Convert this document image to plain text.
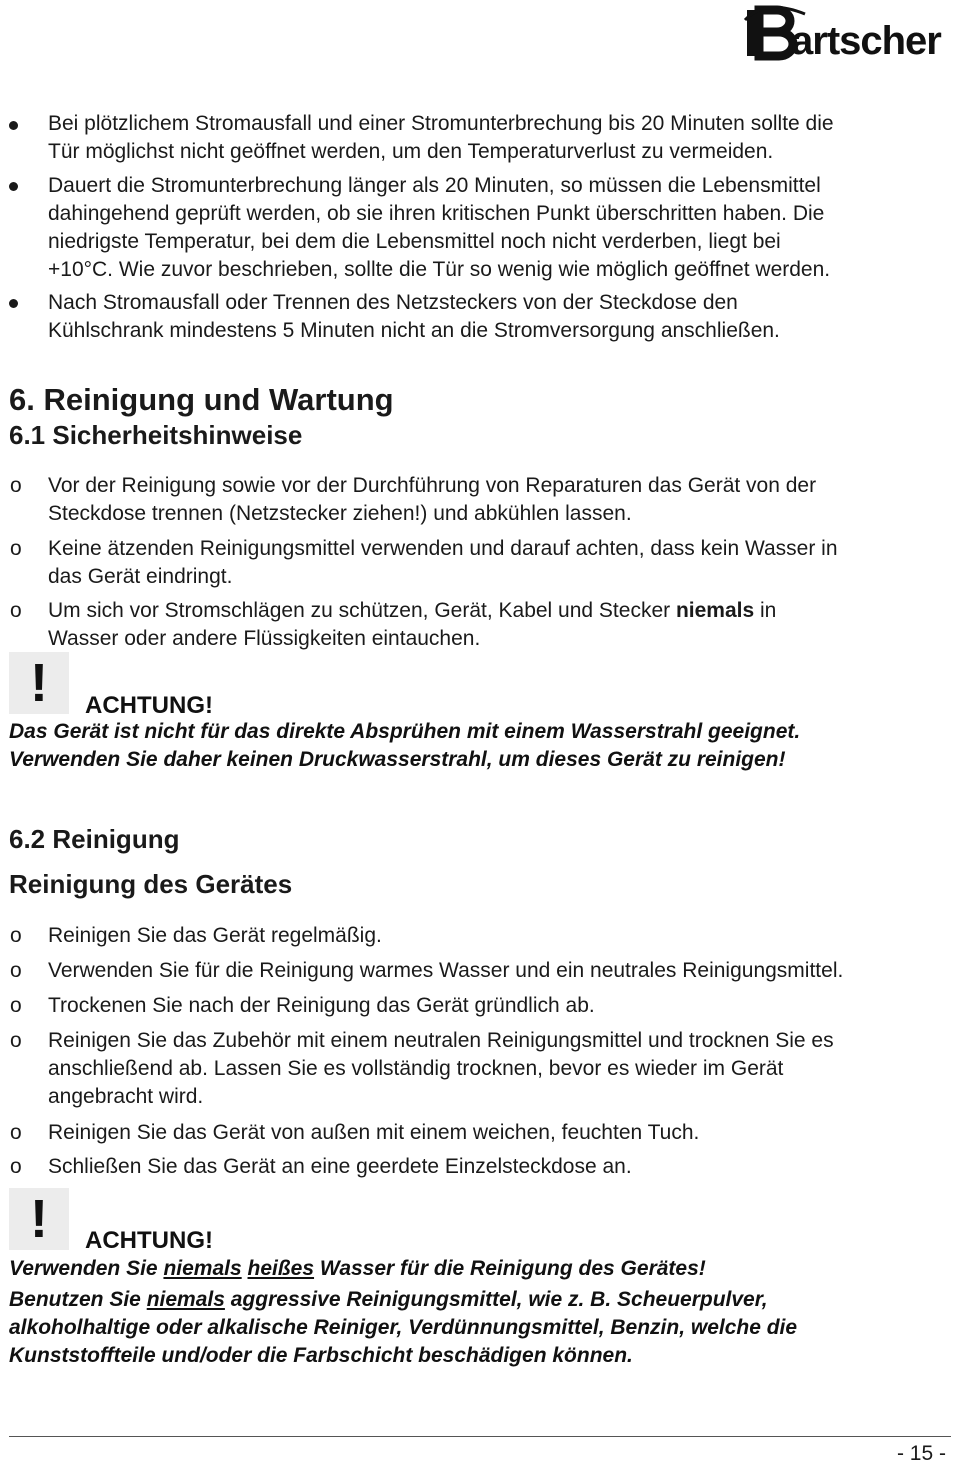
artscher
Bei plötzlichem Stromausfall und einer Stromunterbrechung bis 20 Minuten sollte die
Tür möglichst nicht geöffnet werden, um den Temperaturverlust zu vermeiden.
Dauert die Stromunterbrechung länger als 20 Minuten, so müssen die Lebensmittel
dahingehend geprüft werden, ob sie ihren kritischen Punkt überschritten haben. Die
niedrigste Temperatur, bei dem die Lebensmittel noch nicht verderben, liegt bei
+10°C. Wie zuvor beschrieben, sollte die Tür so wenig wie möglich geöffnet werden.
Nach Stromausfall oder Trennen des Netzsteckers von der Steckdose den
Kühlschrank mindestens 5 Minuten nicht an die Stromversorgung anschließen.
6. Reinigung und Wartung
6.1 Sicherheitshinweise
o Vor der Reinigung sowie vor der Durchführung von Reparaturen das Gerät von der
Steckdose trennen (Netzstecker ziehen!) und abkühlen lassen.
o Keine ätzenden Reinigungsmittel verwenden und darauf achten, dass kein Wasser in
das Gerät eindringt.
o Um sich vor Stromschlägen zu schützen, Gerät, Kabel und Stecker niemals in
Wasser oder andere Flüssigkeiten eintauchen.
!	ACHTUNG!
Das Gerät ist nicht für das direkte Absprühen mit einem Wasserstrahl geeignet.
Verwenden Sie daher keinen Druckwasserstrahl, um dieses Gerät zu reinigen!
6.2 Reinigung
Reinigung des Gerätes
o Reinigen Sie das Gerät regelmäßig.
o Verwenden Sie für die Reinigung warmes Wasser und ein neutrales Reinigungsmittel.
o Trockenen Sie nach der Reinigung das Gerät gründlich ab.
o Reinigen Sie das Zubehör mit einem neutralen Reinigungsmittel und trocknen Sie es
anschließend ab. Lassen Sie es vollständig trocknen, bevor es wieder im Gerät
angebracht wird.
o Reinigen Sie das Gerät von außen mit einem weichen, feuchten Tuch.
o Schließen Sie das Gerät an eine geerdete Einzelsteckdose an.
!	ACHTUNG!
Verwenden Sie niemals heißes Wasser für die Reinigung des Gerätes!
Benutzen Sie niemals aggressive Reinigungsmittel, wie z. B. Scheuerpulver,
alkoholhaltige oder alkalische Reiniger, Verdünnungsmittel, Benzin, welche die
Kunststoffteile und/oder die Farbschicht beschädigen können.
- 15 -
